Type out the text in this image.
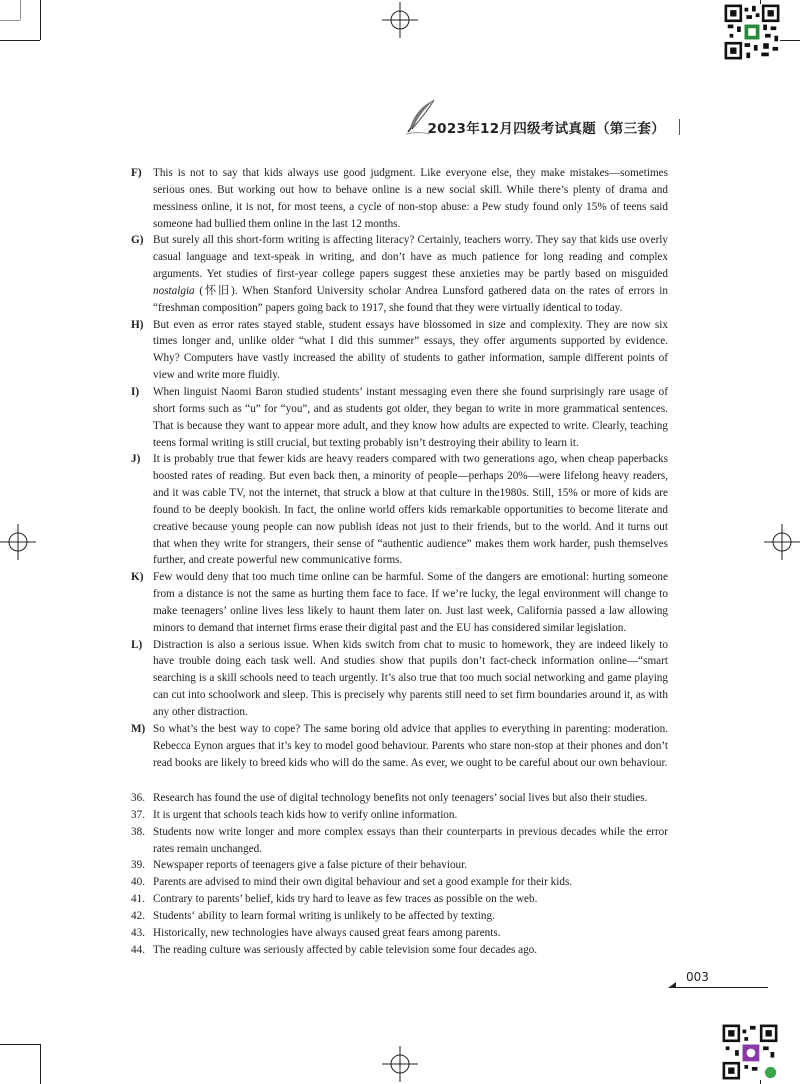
2023年12月四级考试真题（第三套）
F)	This is not to say that kids always use good judgment. Like everyone else, they make mistakes—sometimes serious ones. But working out how to behave online is a new social skill. While there’s plenty of drama and messiness online, it is not, for most teens, a cycle of non-stop abuse: a Pew study found only 15% of teens said someone had bullied them online in the last 12 months.
G) But surely all this short-form writing is affecting literacy? Certainly, teachers worry. They say that kids use overly casual language and text-speak in writing, and don’t have as much patience for long reading and complex arguments. Yet studies of first-year college papers suggest these anxieties may be partly based on misguided nostalgia (怀旧). When Stanford University scholar Andrea Lunsford gathered data on the rates of errors in “freshman composition” papers going back to 1917, she found that they were virtually identical to today.
H) But even as error rates stayed stable, student essays have blossomed in size and complexity. They are now six times longer and, unlike older “what I did this summer” essays, they offer arguments supported by evidence. Why? Computers have vastly increased the ability of students to gather information, sample different points of view and write more fluidly.
I)	When linguist Naomi Baron studied students’ instant messaging even there she found surprisingly rare usage of short forms such as “u” for “you”, and as students got older, they began to write in more grammatical sentences. That is because they want to appear more adult, and they know how adults are expected to write. Clearly, teaching teens formal writing is still crucial, but texting probably isn’t destroying their ability to learn it.
J)	It is probably true that fewer kids are heavy readers compared with two generations ago, when cheap paperbacks boosted rates of reading. But even back then, a minority of people—perhaps 20%—were lifelong heavy readers, and it was cable TV, not the internet, that struck a blow at that culture in the1980s. Still, 15% or more of kids are found to be deeply bookish. In fact, the online world offers kids remarkable opportunities to become literate and creative because young people can now publish ideas not just to their friends, but to the world. And it turns out that when they write for strangers, their sense of “authentic audience” makes them work harder, push themselves further, and create powerful new communicative forms.
K) Few would deny that too much time online can be harmful. Some of the dangers are emotional: hurting someone from a distance is not the same as hurting them face to face. If we’re lucky, the legal environment will change to make teenagers’ online lives less likely to haunt them later on. Just last week, California passed a law allowing minors to demand that internet firms erase their digital past and the EU has considered similar legislation.
L) Distraction is also a serious issue. When kids switch from chat to music to homework, they are indeed likely to have trouble doing each task well. And studies show that pupils don’t fact-check information online—“smart searching is a skill schools need to teach urgently. It’s also true that too much social networking and game playing can cut into schoolwork and sleep. This is precisely why parents still need to set firm boundaries around it, as with any other distraction.
M) So what’s the best way to cope? The same boring old advice that applies to everything in parenting: moderation. Rebecca Eynon argues that it’s key to model good behaviour. Parents who stare non-stop at their phones and don’t read books are likely to breed kids who will do the same. As ever, we ought to be careful about our own behaviour.
36. Research has found the use of digital technology benefits not only teenagers’ social lives but also their studies.
37. It is urgent that schools teach kids how to verify online information.
38. Students now write longer and more complex essays than their counterparts in previous decades while the error rates remain unchanged.
39. Newspaper reports of teenagers give a false picture of their behaviour.
40. Parents are advised to mind their own digital behaviour and set a good example for their kids.
41. Contrary to parents’ belief, kids try hard to leave as few traces as possible on the web.
42. Students‘ ability to learn formal writing is unlikely to be affected by texting.
43. Historically, new technologies have always caused great fears among parents.
44. The reading culture was seriously affected by cable television some four decades ago.
003
